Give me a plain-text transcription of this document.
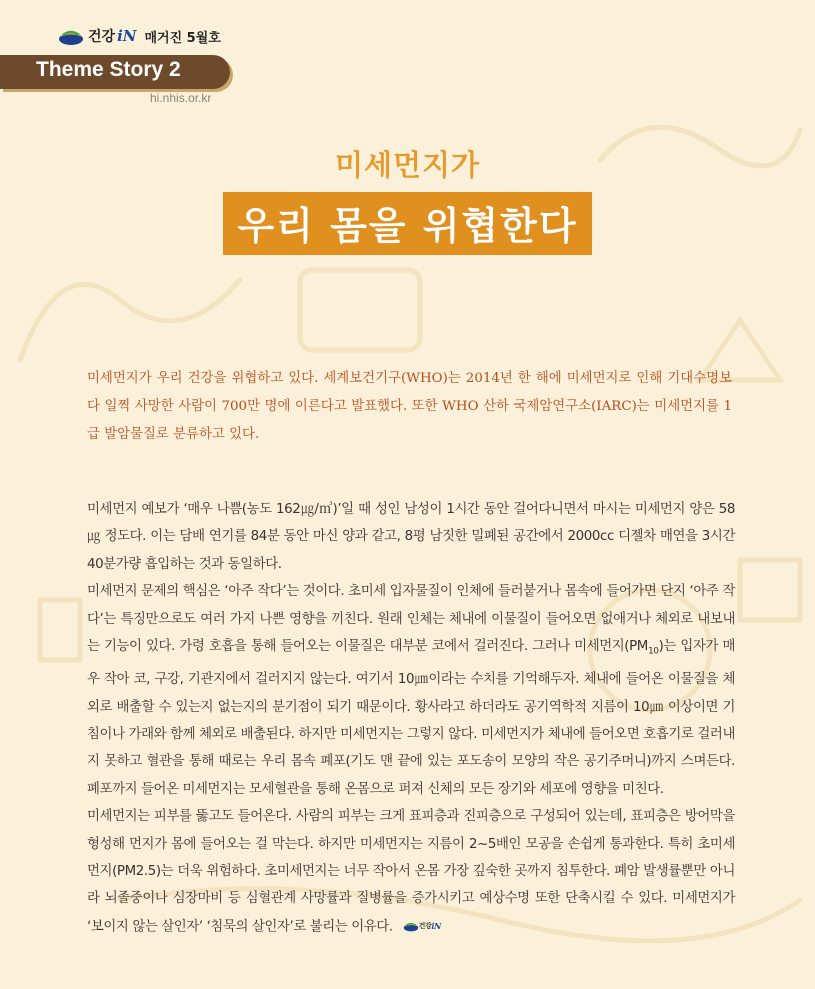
건강 iN 매거진 5월호
Theme Story 2
hi.nhis.or.kr
미세먼지가
우리 몸을 위협한다

미세먼지가 우리 건강을 위협하고 있다. 세계보건기구(WHO)는 2014년 한 해에 미세먼지로 인해 기대수명보다 일찍 사망한 사람이 700만 명에 이른다고 발표했다. 또한 WHO 산하 국제암연구소(IARC)는 미세먼지를 1급 발암물질로 분류하고 있다.

미세먼지 예보가 ‘매우 나쁨(농도 162㎍/㎥)’일 때 성인 남성이 1시간 동안 걸어다니면서 마시는 미세먼지 양은 58㎍ 정도다. 이는 담배 연기를 84분 동안 마신 양과 같고, 8평 남짓한 밀폐된 공간에서 2000cc 디젤차 매연을 3시간 40분가량 흡입하는 것과 동일하다.

미세먼지 문제의 핵심은 ‘아주 작다’는 것이다. 초미세 입자물질이 인체에 들러붙거나 몸속에 들어가면 단지 ‘아주 작다’는 특징만으로도 여러 가지 나쁜 영향을 끼친다. 원래 인체는 체내에 이물질이 들어오면 없애거나 체외로 내보내는 기능이 있다. 가령 호흡을 통해 들어오는 이물질은 대부분 코에서 걸러진다. 그러나 미세먼지$(PM_{10})$는 입자가 매우 작아 코, 구강, 기관지에서 걸러지지 않는다. 여기서 10㎛이라는 수치를 기억해두자. 체내에 들어온 이물질을 체외로 배출할 수 있는지 없는지의 분기점이 되기 때문이다. 황사라고 하더라도 공기역학적 지름이 10㎛ 이상이면 기침이나 가래와 함께 체외로 배출된다. 하지만 미세먼지는 그렇지 않다. 미세먼지가 체내에 들어오면 호흡기로 걸러내지 못하고 혈관을 통해 때로는 우리 몸속 폐포(기도 맨 끝에 있는 포도송이 모양의 작은 공기주머니)까지 스며든다. 폐포까지 들어온 미세먼지는 모세혈관을 통해 온몸으로 퍼져 신체의 모든 장기와 세포에 영향을 미친다.

미세먼지는 피부를 뚫고도 들어온다. 사람의 피부는 크게 표피층과 진피층으로 구성되어 있는데, 표피층은 방어막을 형성해 먼지가 몸에 들어오는 걸 막는다. 하지만 미세먼지는 지름이 2~5배인 모공을 손쉽게 통과한다. 특히 초미세먼지(PM2.5)는 더욱 위험하다. 초미세먼지는 너무 작아서 온몸 가장 깊숙한 곳까지 침투한다. 폐암 발생률뿐만 아니라 뇌졸중이나 심장마비 등 심혈관계 사망률과 질병률을 증가시키고 예상수명 또한 단축시킬 수 있다. 미세먼지가 ‘보이지 않는 살인자’ ‘침묵의 살인자’로 불리는 이유다.	건강 iN
